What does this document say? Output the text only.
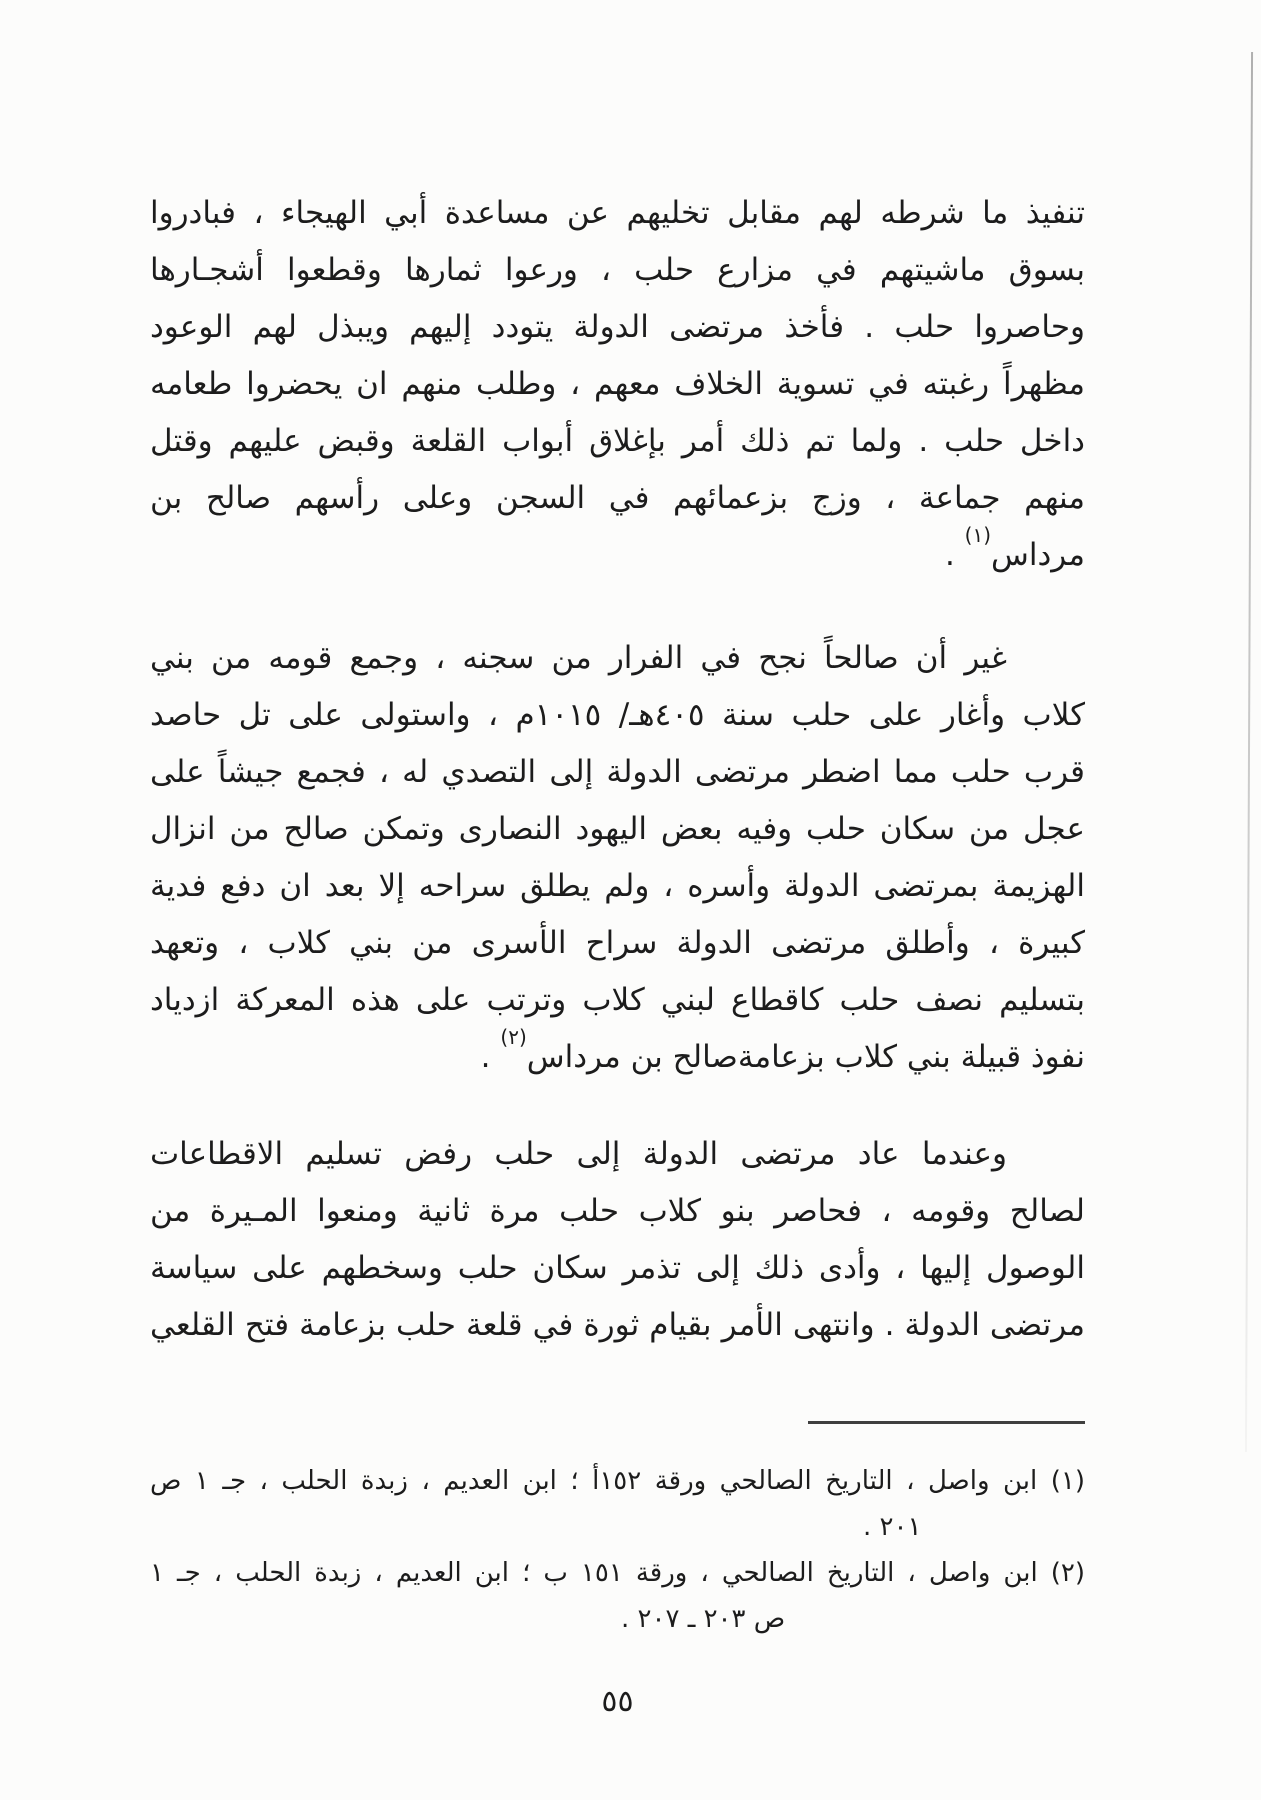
تنفيذ ما شرطه لهم مقابل تخليهم عن مساعدة أبي الهيجاء ، فبادروا
بسوق ماشيتهم في مزارع حلب ، ورعوا ثمارها وقطعوا أشجـارها
وحاصروا حلب . فأخذ مرتضى الدولة يتودد إليهم ويبذل لهم الوعود
مظهراً رغبته في تسوية الخلاف معهم ، وطلب منهم ان يحضروا طعامه
داخل حلب . ولما تم ذلك أمر بإغلاق أبواب القلعة وقبض عليهم وقتل
منهم جماعة ، وزج بزعمائهم في السجن وعلى رأسهم صالح بن
مرداس$^{(١)}$ .
غير أن صالحاً نجح في الفرار من سجنه ، وجمع قومه من بني
كلاب وأغار على حلب سنة ٤٠٥هـ/ ١٠١٥م ، واستولى على تل حاصد
قرب حلب مما اضطر مرتضى الدولة إلى التصدي له ، فجمع جيشاً على
عجل من سكان حلب وفيه بعض اليهود النصارى وتمكن صالح من انزال
الهزيمة بمرتضى الدولة وأسره ، ولم يطلق سراحه إلا بعد ان دفع فدية
كبيرة ، وأطلق مرتضى الدولة سراح الأسرى من بني كلاب ، وتعهد
بتسليم نصف حلب كاقطاع لبني كلاب وترتب على هذه المعركة ازدياد
نفوذ قبيلة بني كلاب بزعامةصالح بن مرداس$^{(٢)}$ .
وعندما عاد مرتضى الدولة إلى حلب رفض تسليم الاقطاعات
لصالح وقومه ، فحاصر بنو كلاب حلب مرة ثانية ومنعوا المـيرة من
الوصول إليها ، وأدى ذلك إلى تذمر سكان حلب وسخطهم على سياسة
مرتضى الدولة . وانتهى الأمر بقيام ثورة في قلعة حلب بزعامة فتح القلعي
(١) ابن واصل ، التاريخ الصالحي ورقة ١٥٢أ ؛ ابن العديم ، زبدة الحلب ، جـ ١ ص
٢٠١ .
(٢) ابن واصل ، التاريخ الصالحي ، ورقة ١٥١ ب ؛ ابن العديم ، زبدة الحلب ، جـ ١
ص ٢٠٣ ـ ٢٠٧ .
٥٥
